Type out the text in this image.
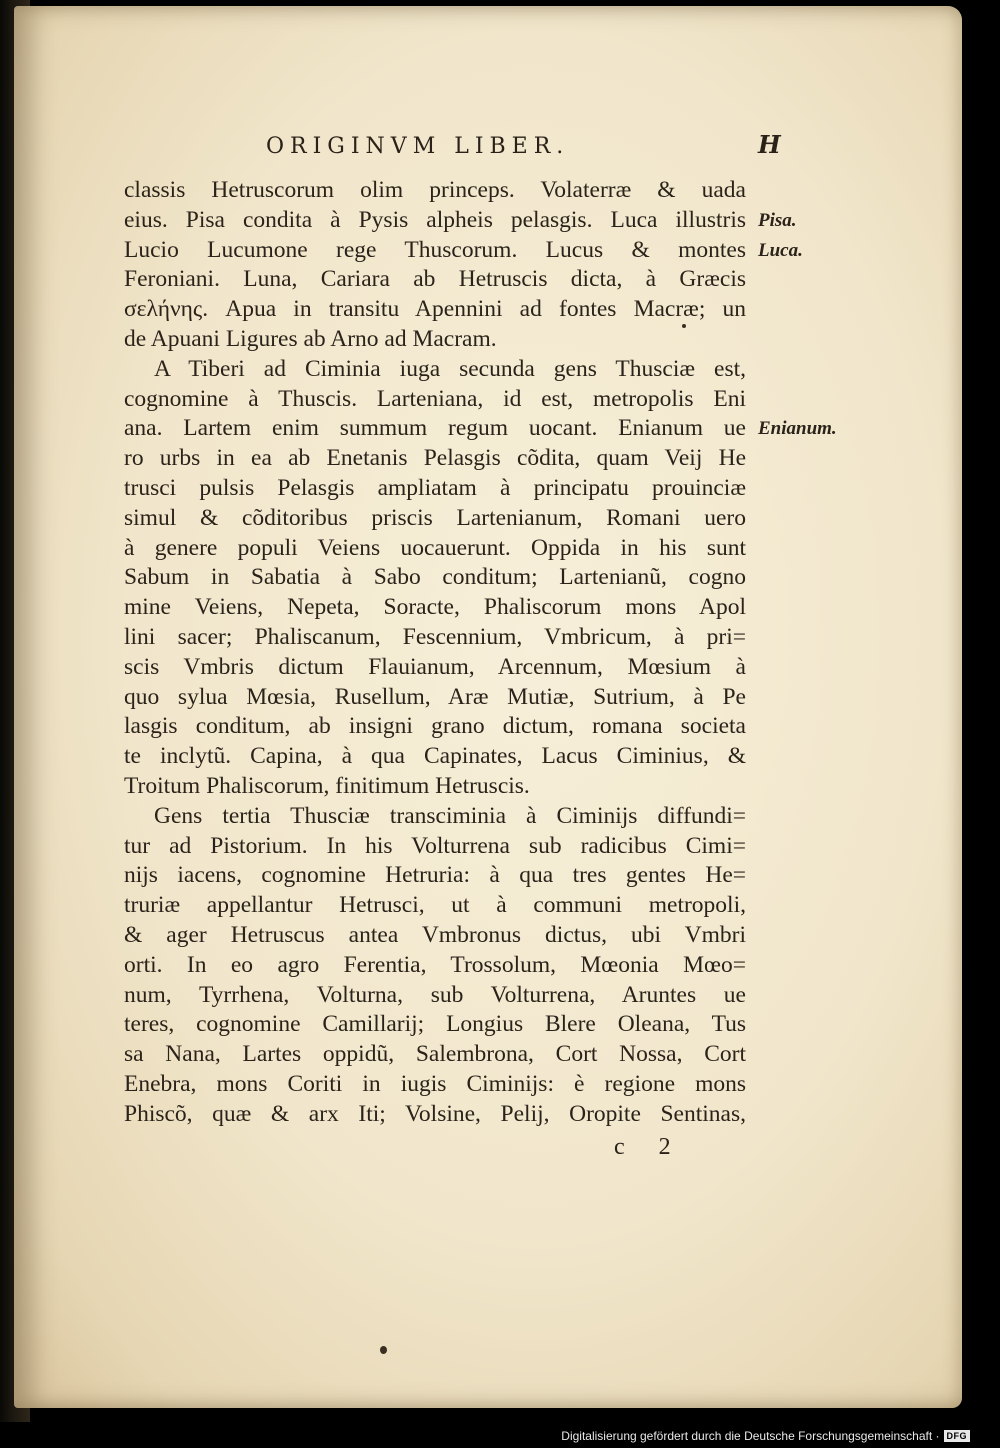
ORIGINVM LIBER.	H
classis Hetruscorum olim princeps. Volaterræ & uada
eius. Pisa condita à Pysis alpheis pelasgis. Luca illustris
Lucio Lucumone rege Thuscorum. Lucus & montes
Feroniani. Luna, Cariara ab Hetruscis dicta, à Græcis
σελήνης. Apua in transitu Apennini ad fontes Macræ; un
de Apuani Ligures ab Arno ad Macram.
A Tiberi ad Ciminia iuga secunda gens Thusciæ est,
cognomine à Thuscis. Larteniana, id est, metropolis Eni
ana. Lartem enim summum regum uocant. Enianum ue
ro urbs in ea ab Enetanis Pelasgis cõdita, quam Veij He
trusci pulsis Pelasgis ampliatam à principatu prouinciæ
simul & cõditoribus priscis Lartenianum, Romani uero
à genere populi Veiens uocauerunt. Oppida in his sunt
Sabum in Sabatia à Sabo conditum; Lartenianũ, cogno
mine Veiens, Nepeta, Soracte, Phaliscorum mons Apol
lini sacer; Phaliscanum, Fescennium, Vmbricum, à pri=
scis Vmbris dictum Flauianum, Arcennum, Mœsium à
quo sylua Mœsia, Rusellum, Aræ Mutiæ, Sutrium, à Pe
lasgis conditum, ab insigni grano dictum, romana societa
te inclytũ. Capina, à qua Capinates, Lacus Ciminius, &
Troitum Phaliscorum, finitimum Hetruscis.
Gens tertia Thusciæ transciminia à Ciminijs diffundi=
tur ad Pistorium. In his Volturrena sub radicibus Cimi=
nijs iacens, cognomine Hetruria: à qua tres gentes He=
truriæ appellantur Hetrusci, ut à communi metropoli,
& ager Hetruscus antea Vmbronus dictus, ubi Vmbri
orti. In eo agro Ferentia, Trossolum, Mœonia Mœo=
num, Tyrrhena, Volturna, sub Volturrena, Aruntes ue
teres, cognomine Camillarij; Longius Blere Oleana, Tus
sa Nana, Lartes oppidũ, Salembrona, Cort Nossa, Cort
Enebra, mons Coriti in iugis Ciminijs: è regione mons
Phiscõ, quæ & arx Iti; Volsine, Pelij, Oropite Sentinas,
Pisa.
Luca.
Enianum.
c 2
Digitalisierung gefördert durch die Deutsche Forschungsgemeinschaft · DFG
